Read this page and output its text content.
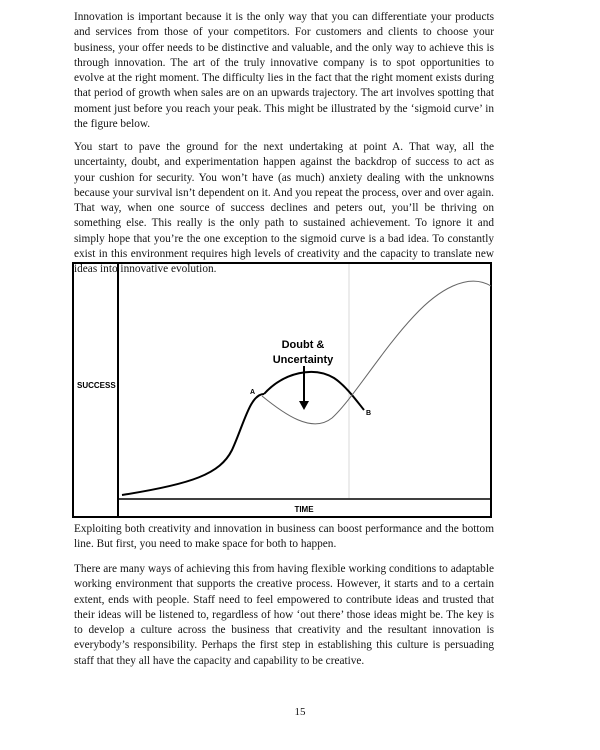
Innovation is important because it is the only way that you can differentiate your products and services from those of your competitors. For customers and clients to choose your business, your offer needs to be distinctive and valuable, and the only way to achieve this is through innovation. The art of the truly innovative company is to spot opportunities to evolve at the right moment. The difficulty lies in the fact that the right moment exists during that period of growth when sales are on an upwards trajectory. The art involves spotting that moment just before you reach your peak. This might be illustrated by the ‘sigmoid curve’ in the figure below.

You start to pave the ground for the next undertaking at point A. That way, all the uncertainty, doubt, and experimentation happen against the backdrop of success to act as your cushion for security. You won’t have (as much) anxiety dealing with the unknowns because your survival isn’t dependent on it. And you repeat the process, over and over again. That way, when one source of success declines and peters out, you’ll be thriving on something else. This really is the only path to sustained achievement. To ignore it and simply hope that you’re the one exception to the sigmoid curve is a bad idea. To constantly exist in this environment requires high levels of creativity and the capacity to translate new ideas into innovative evolution.

SUCCESS
TIME
Doubt &
Uncertainty
A
B

Exploiting both creativity and innovation in business can boost performance and the bottom line. But first, you need to make space for both to happen.

There are many ways of achieving this from having flexible working conditions to adaptable working environment that supports the creative process. However, it starts and to a certain extent, ends with people. Staff need to feel empowered to contribute ideas and trusted that their ideas will be listened to, regardless of how ‘out there’ those ideas might be. The key is to develop a culture across the business that creativity and the resultant innovation is everybody’s responsibility. Perhaps the first step in establishing this culture is persuading staff that they all have the capacity and capability to be creative.

15
